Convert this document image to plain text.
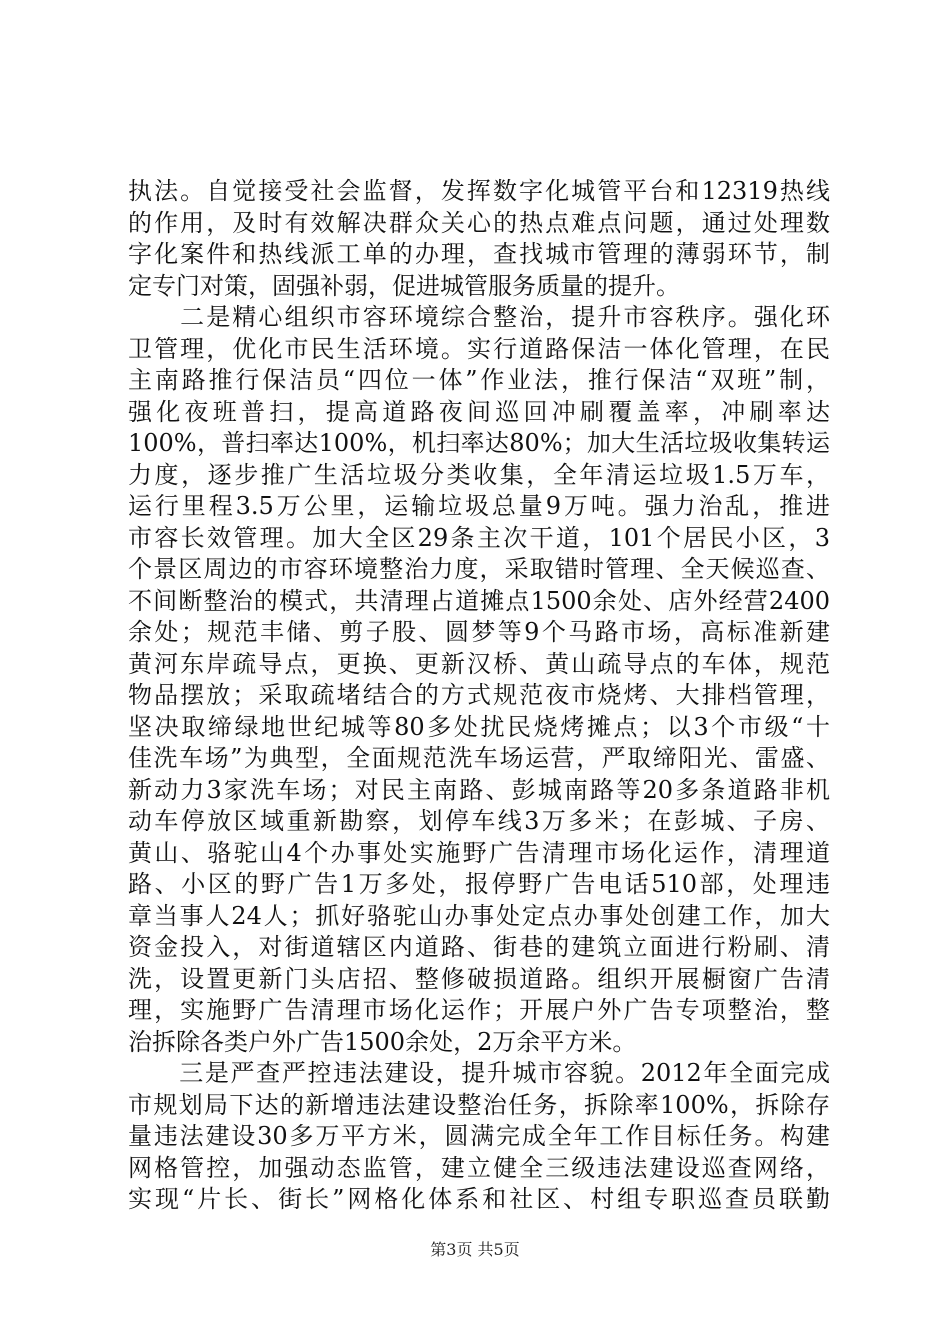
执法。自觉接受社会监督，发挥数字化城管平台和12319热线
的作用，及时有效解决群众关心的热点难点问题，通过处理数
字化案件和热线派工单的办理，查找城市管理的薄弱环节，制
定专门对策，固强补弱，促进城管服务质量的提升。
　　二是精心组织市容环境综合整治，提升市容秩序。强化环
卫管理，优化市民生活环境。实行道路保洁一体化管理，在民
主南路推行保洁员“四位一体”作业法，推行保洁“双班”制，
强化夜班普扫，提高道路夜间巡回冲刷覆盖率，冲刷率达
100%，普扫率达100%，机扫率达80%；加大生活垃圾收集转运
力度，逐步推广生活垃圾分类收集，全年清运垃圾1.5万车，
运行里程3.5万公里，运输垃圾总量9万吨。强力治乱，推进
市容长效管理。加大全区29条主次干道，101个居民小区，3
个景区周边的市容环境整治力度，采取错时管理、全天候巡查、
不间断整治的模式，共清理占道摊点1500余处、店外经营2400
余处；规范丰储、剪子股、圆梦等9个马路市场，高标准新建
黄河东岸疏导点，更换、更新汉桥、黄山疏导点的车体，规范
物品摆放；采取疏堵结合的方式规范夜市烧烤、大排档管理，
坚决取缔绿地世纪城等80多处扰民烧烤摊点；以3个市级“十
佳洗车场”为典型，全面规范洗车场运营，严取缔阳光、雷盛、
新动力3家洗车场；对民主南路、彭城南路等20多条道路非机
动车停放区域重新勘察，划停车线3万多米；在彭城、子房、
黄山、骆驼山4个办事处实施野广告清理市场化运作，清理道
路、小区的野广告1万多处，报停野广告电话510部，处理违
章当事人24人；抓好骆驼山办事处定点办事处创建工作，加大
资金投入，对街道辖区内道路、街巷的建筑立面进行粉刷、清
洗，设置更新门头店招、整修破损道路。组织开展橱窗广告清
理，实施野广告清理市场化运作；开展户外广告专项整治，整
治拆除各类户外广告1500余处，2万余平方米。
　　三是严查严控违法建设，提升城市容貌。2012年全面完成
市规划局下达的新增违法建设整治任务，拆除率100%，拆除存
量违法建设30多万平方米，圆满完成全年工作目标任务。构建
网格管控，加强动态监管，建立健全三级违法建设巡查网络，
实现“片长、街长”网格化体系和社区、村组专职巡查员联勤
第3页 共5页
